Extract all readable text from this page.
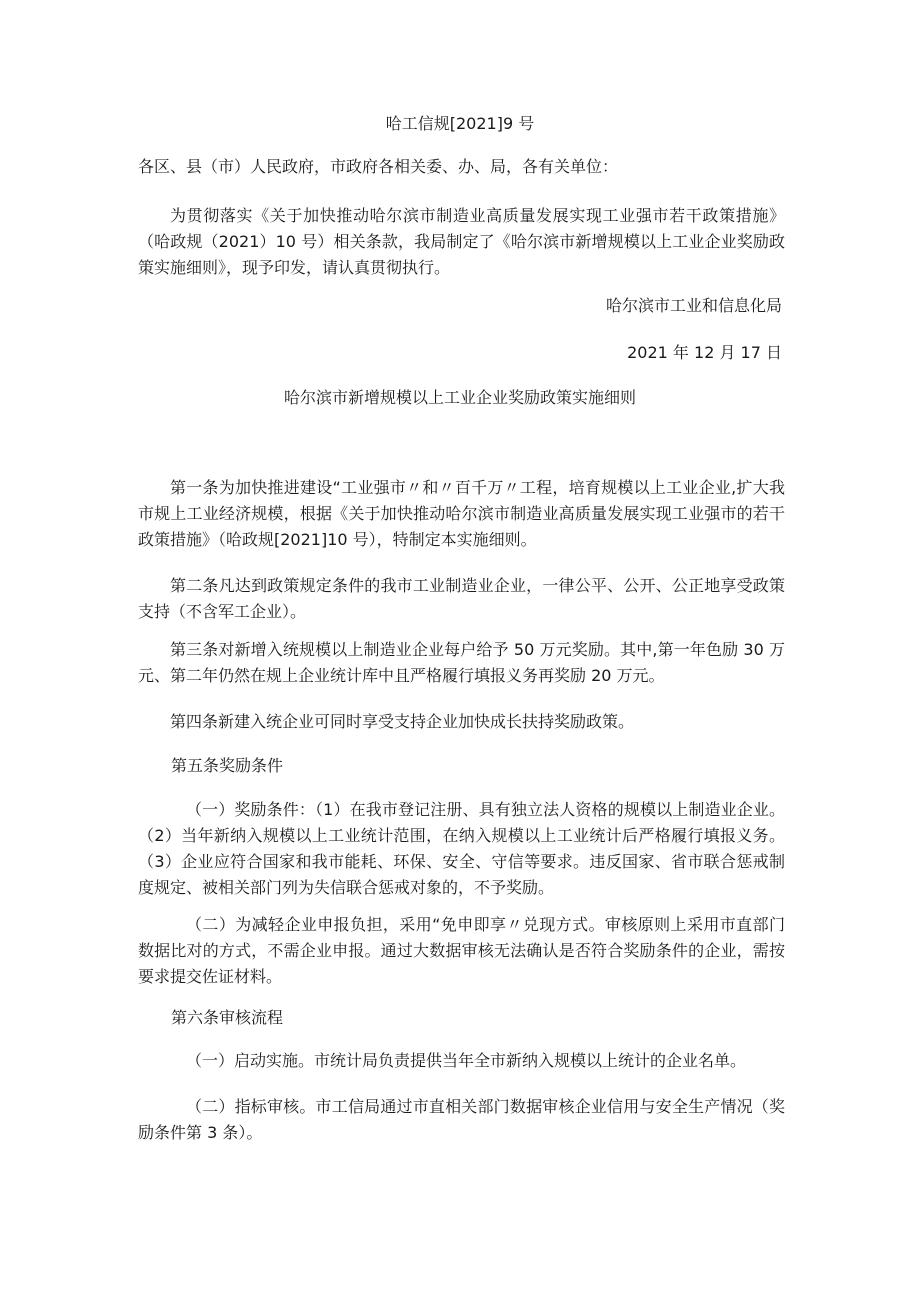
哈工信规[2021]9 号
各区、县（市）人民政府，市政府各相关委、办、局，各有关单位：
为贯彻落实《关于加快推动哈尔滨市制造业高质量发展实现工业强市若干政策措施》（哈政规（2021）10 号）相关条款，我局制定了《哈尔滨市新增规模以上工业企业奖励政策实施细则》，现予印发，请认真贯彻执行。
哈尔滨市工业和信息化局
2021 年 12 月 17 日
哈尔滨市新增规模以上工业企业奖励政策实施细则
第一条为加快推进建设“工业强市〃和〃百千万〃工程，培育规模以上工业企业,扩大我市规上工业经济规模，根据《关于加快推动哈尔滨市制造业高质量发展实现工业强市的若干政策措施》（哈政规[2021]10 号），特制定本实施细则。
第二条凡达到政策规定条件的我市工业制造业企业，一律公平、公开、公正地享受政策支持（不含军工企业）。
第三条对新增入统规模以上制造业企业每户给予 50 万元奖励。其中,第一年色励 30 万元、第二年仍然在规上企业统计库中且严格履行填报义务再奖励 20 万元。
第四条新建入统企业可同时享受支持企业加快成长扶持奖励政策。
第五条奖励条件
（一）奖励条件：（1）在我市登记注册、具有独立法人资格的规模以上制造业企业。（2）当年新纳入规模以上工业统计范围，在纳入规模以上工业统计后严格履行填报义务。（3）企业应符合国家和我市能耗、环保、安全、守信等要求。违反国家、省市联合惩戒制度规定、被相关部门列为失信联合惩戒对象的，不予奖励。
（二）为减轻企业申报负担，采用“免申即享〃兑现方式。审核原则上采用市直部门数据比对的方式，不需企业申报。通过大数据审核无法确认是否符合奖励条件的企业，需按要求提交佐证材料。
第六条审核流程
（一）启动实施。市统计局负责提供当年全市新纳入规模以上统计的企业名单。
（二）指标审核。市工信局通过市直相关部门数据审核企业信用与安全生产情况（奖励条件第 3 条）。
